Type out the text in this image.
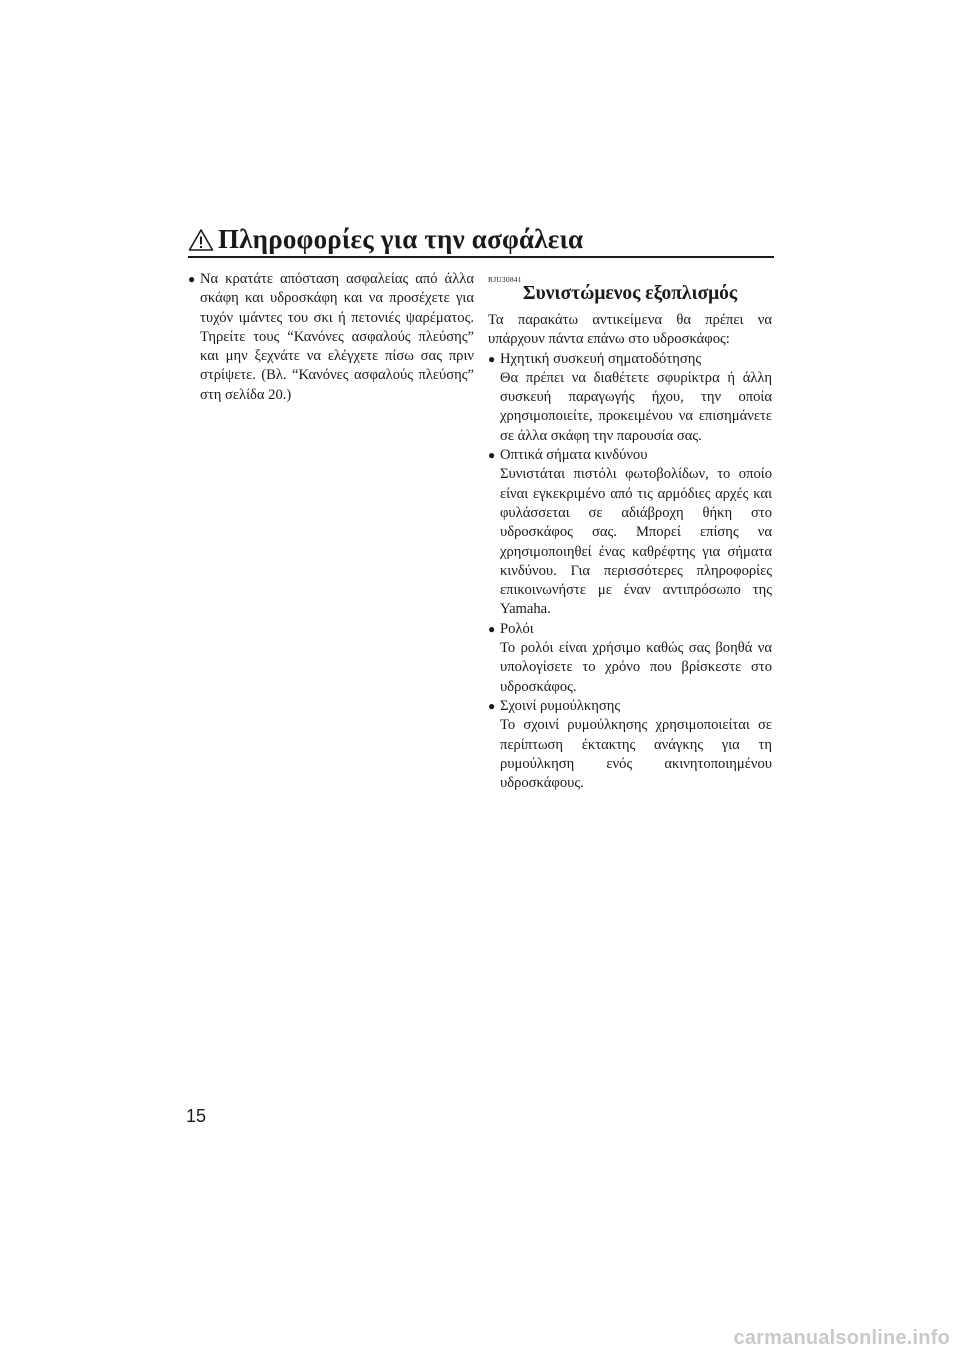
Πληροφορίες για την ασφάλεια
● Να κρατάτε απόσταση ασφαλείας από άλλα σκάφη και υδροσκάφη και να προσέχετε για τυχόν ιμάντες του σκι ή πετονιές ψαρέματος. Τηρείτε τους “Κανόνες ασφαλούς πλεύσης” και μην ξεχνάτε να ελέγχετε πίσω σας πριν στρίψετε. (Βλ. “Κανόνες ασφαλούς πλεύσης” στη σελίδα 20.)
RJU30841
Συνιστώμενος εξοπλισμός
Τα παρακάτω αντικείμενα θα πρέπει να υπάρχουν πάντα επάνω στο υδροσκάφος:
● Ηχητική συσκευή σηματοδότησης
Θα πρέπει να διαθέτετε σφυρίκτρα ή άλλη συσκευή παραγωγής ήχου, την οποία χρησιμοποιείτε, προκειμένου να επισημάνετε σε άλλα σκάφη την παρουσία σας.
● Οπτικά σήματα κινδύνου
Συνιστάται πιστόλι φωτοβολίδων, το οποίο είναι εγκεκριμένο από τις αρμόδιες αρχές και φυλάσσεται σε αδιάβροχη θήκη στο υδροσκάφος σας. Μπορεί επίσης να χρησιμοποιηθεί ένας καθρέφτης για σήματα κινδύνου. Για περισσότερες πληροφορίες επικοινωνήστε με έναν αντιπρόσωπο της Yamaha.
● Ρολόι
Το ρολόι είναι χρήσιμο καθώς σας βοηθά να υπολογίσετε το χρόνο που βρίσκεστε στο υδροσκάφος.
● Σχοινί ρυμούλκησης
Το σχοινί ρυμούλκησης χρησιμοποιείται σε περίπτωση έκτακτης ανάγκης για τη ρυμούλκηση ενός ακινητοποιημένου υδροσκάφους.
15
carmanualsonline.info
